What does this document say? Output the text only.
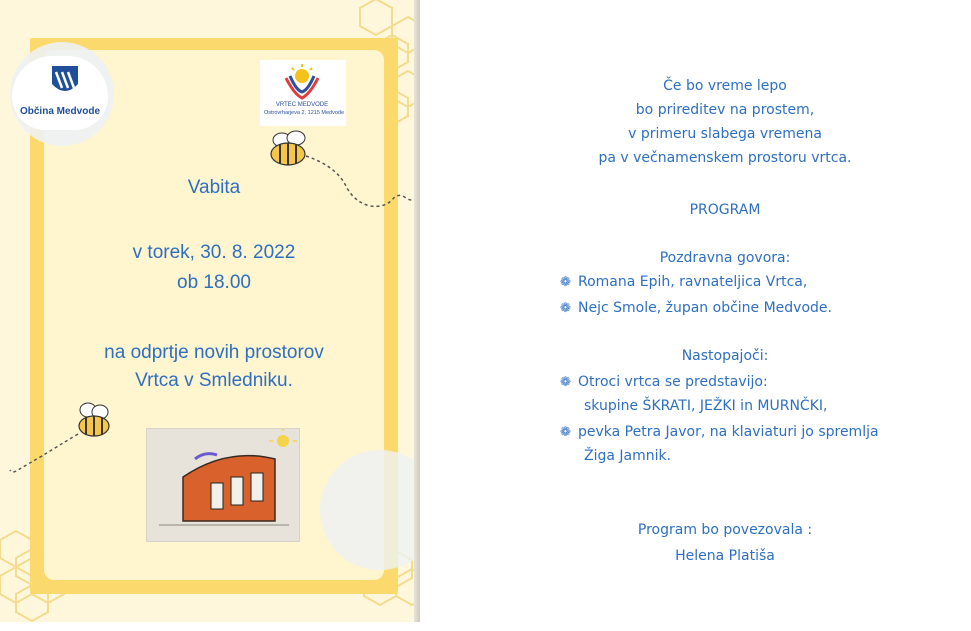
Občina Medvode
VRTEC MEDVODE
Ostrovrharjeva 2, 1215 Medvode
Vabita
v torek, 30. 8. 2022
ob 18.00
na odprtje novih prostorov
Vrtca v Smledniku.
Če bo vreme lepo
bo prireditev na prostem,
v primeru slabega vremena
pa v večnamenskem prostoru vrtca.
PROGRAM
Pozdravna govora:
❁ Romana Epih, ravnateljica Vrtca,
❁ Nejc Smole, župan občine Medvode.
Nastopajoči:
❁ Otroci vrtca se predstavijo:
skupine ŠKRATI, JEŽKI in MURNČKI,
❁ pevka Petra Javor, na klaviaturi jo spremlja
Žiga Jamnik.
Program bo povezovala :
Helena Platiša
